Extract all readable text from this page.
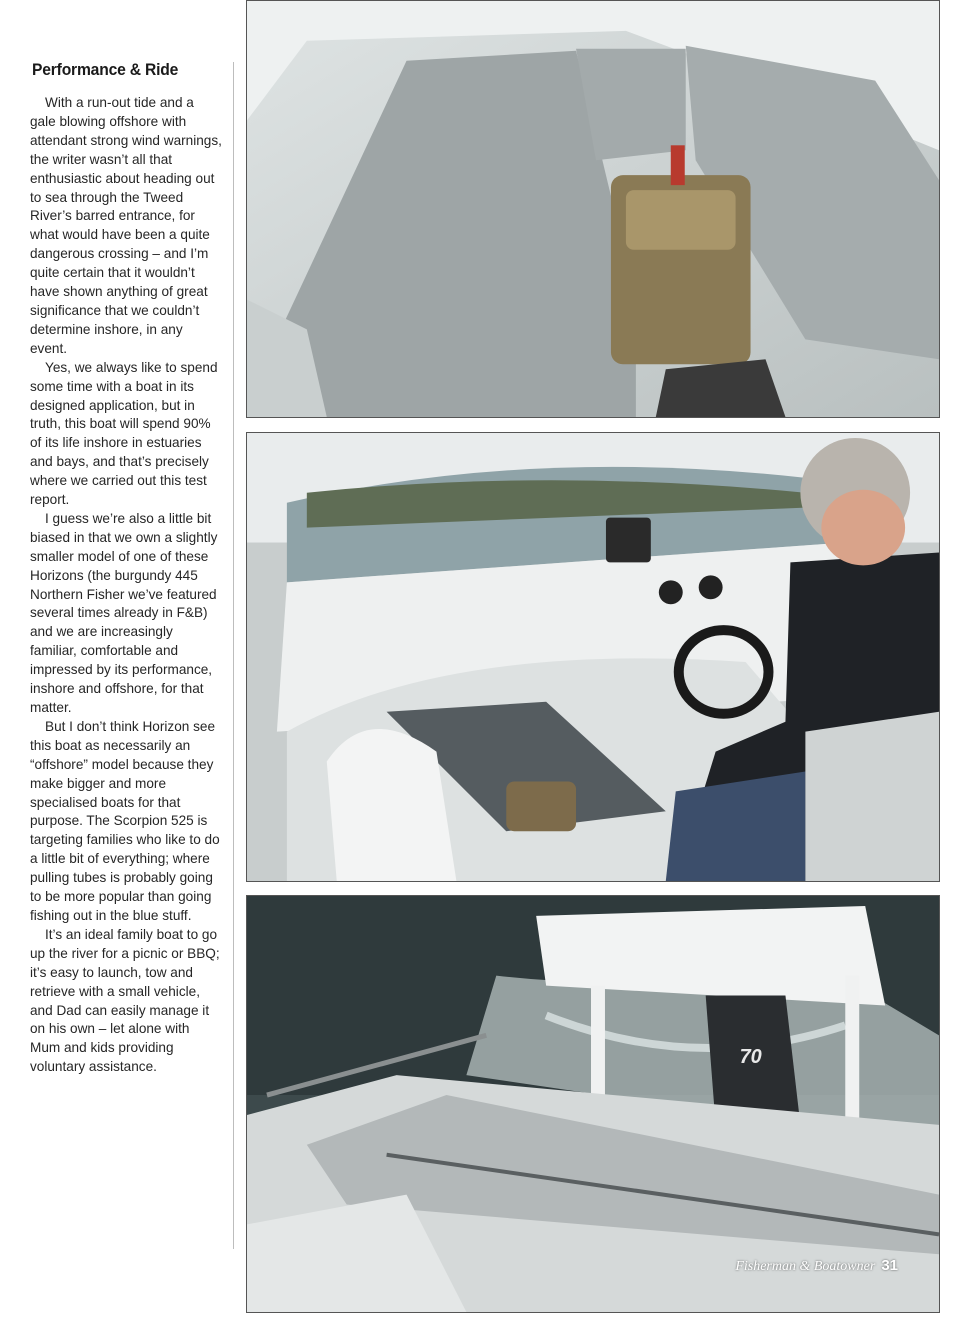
Performance & Ride

With a run-out tide and a gale blowing offshore with attendant strong wind warnings, the writer wasn’t all that enthusiastic about heading out to sea through the Tweed River’s barred entrance, for what would have been a quite dangerous crossing – and I’m quite certain that it wouldn’t have shown anything of great significance that we couldn’t determine inshore, in any event.

Yes, we always like to spend some time with a boat in its designed application, but in truth, this boat will spend 90% of its life inshore in estuaries and bays, and that’s precisely where we carried out this test report.

I guess we’re also a little bit biased in that we own a slightly smaller model of one of these Horizons (the burgundy 445 Northern Fisher we’ve featured several times already in F&B) and we are increasingly familiar, comfortable and impressed by its performance, inshore and offshore, for that matter.

But I don’t think Horizon see this boat as necessarily an “offshore” model because they make bigger and more specialised boats for that purpose. The Scorpion 525 is targeting families who like to do a little bit of everything; where pulling tubes is probably going to be more popular than going fishing out in the blue stuff.

It’s an ideal family boat to go up the river for a picnic or BBQ; it’s easy to launch, tow and retrieve with a small vehicle, and Dad can easily manage it on his own – let alone with Mum and kids providing voluntary assistance.	70
Fisherman & Boatowner 31
